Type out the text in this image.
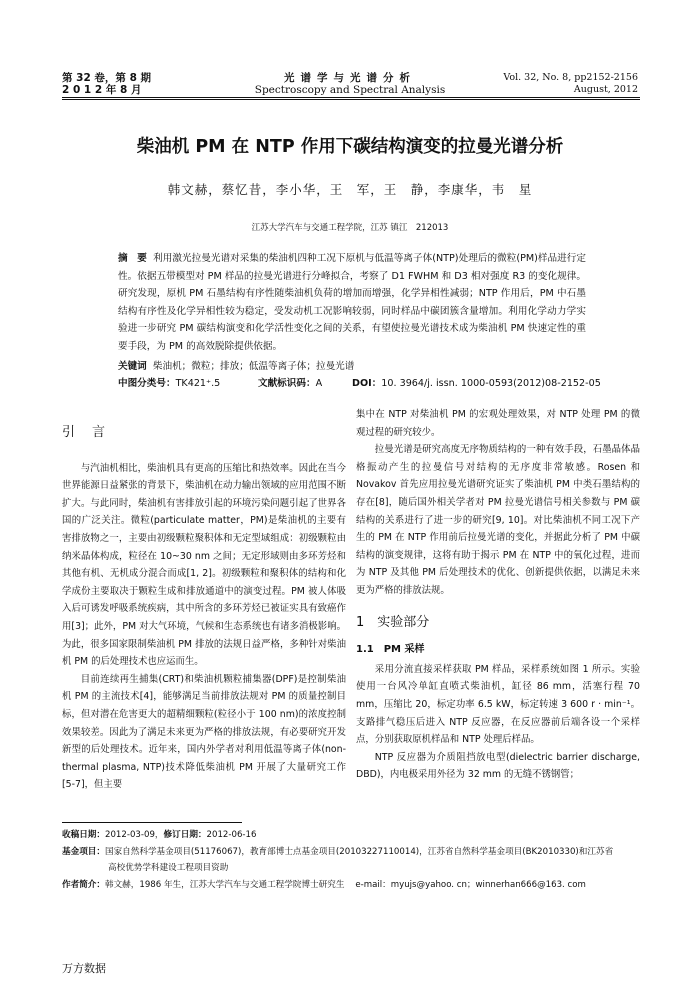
第 32 卷，第 8 期
2 0 1 2 年 8 月
光谱学与光谱分析
Spectroscopy and Spectral Analysis
Vol. 32, No. 8, pp2152-2156
August, 2012
柴油机 PM 在 NTP 作用下碳结构演变的拉曼光谱分析
韩文赫，蔡忆昔，李小华，王　军，王　静，李康华，韦　星
江苏大学汽车与交通工程学院，江苏 镇江　212013
摘　要 利用激光拉曼光谱对采集的柴油机四种工况下原机与低温等离子体(NTP)处理后的微粒(PM)样品进行定性。依据五带模型对 PM 样品的拉曼光谱进行分峰拟合，考察了 D1 FWHM 和 D3 相对强度 R3 的变化规律。研究发现，原机 PM 石墨结构有序性随柴油机负荷的增加而增强，化学异相性减弱；NTP 作用后，PM 中石墨结构有序性及化学异相性较为稳定，受发动机工况影响较弱，同时样品中碳团簇含量增加。利用化学动力学实验进一步研究 PM 碳结构演变和化学活性变化之间的关系，有望使拉曼光谱技术成为柴油机 PM 快速定性的重要手段，为 PM 的高效脱除提供依据。
关键词 柴油机；微粒；排放；低温等离子体；拉曼光谱
中图分类号：TK421⁺.5	文献标识码：A	DOI：10. 3964/j. issn. 1000-0593(2012)08-2152-05
引　言

与汽油机相比，柴油机具有更高的压缩比和热效率。因此在当今世界能源日益紧张的背景下，柴油机在动力输出领域的应用范围不断扩大。与此同时，柴油机有害排放引起的环境污染问题引起了世界各国的广泛关注。微粒(particulate matter，PM)是柴油机的主要有害排放物之一，主要由初级颗粒聚积体和无定型域组成：初级颗粒由纳米晶体构成，粒径在 10~30 nm 之间；无定形域则由多环芳烃和其他有机、无机成分混合而成[1, 2]。初级颗粒和聚积体的结构和化学成份主要取决于颗粒生成和排放通道中的演变过程。PM 被人体吸入后可诱发呼吸系统疾病，其中所含的多环芳烃已被证实具有致癌作用[3]；此外，PM 对大气环境，气候和生态系统也有诸多消极影响。为此，很多国家限制柴油机 PM 排放的法规日益严格，多种针对柴油机 PM 的后处理技术也应运而生。

目前连续再生捕集(CRT)和柴油机颗粒捕集器(DPF)是控制柴油机 PM 的主流技术[4]，能够满足当前排放法规对 PM 的质量控制目标，但对潜在危害更大的超精细颗粒(粒径小于 100 nm)的浓度控制效果较差。因此为了满足未来更为严格的排放法规，有必要研究开发新型的后处理技术。近年来，国内外学者对利用低温等离子体(non-thermal plasma, NTP)技术降低柴油机 PM 开展了大量研究工作[5-7]，但主要

集中在 NTP 对柴油机 PM 的宏观处理效果，对 NTP 处理 PM 的微观过程的研究较少。

拉曼光谱是研究高度无序物质结构的一种有效手段，石墨晶体晶格振动产生的拉曼信号对结构的无序度非常敏感。Rosen 和 Novakov 首先应用拉曼光谱研究证实了柴油机 PM 中类石墨结构的存在[8]，随后国外相关学者对 PM 拉曼光谱信号相关参数与 PM 碳结构的关系进行了进一步的研究[9, 10]。对比柴油机不同工况下产生的 PM 在 NTP 作用前后拉曼光谱的变化，并据此分析了 PM 中碳结构的演变规律，这将有助于揭示 PM 在 NTP 中的氧化过程，进而为 NTP 及其他 PM 后处理技术的优化、创新提供依据，以满足未来更为严格的排放法规。

1　实验部分
1.1　PM 采样

采用分流直接采样获取 PM 样品，采样系统如图 1 所示。实验使用一台风冷单缸直喷式柴油机，缸径 86 mm，活塞行程 70 mm，压缩比 20，标定功率 6.5 kW，标定转速 3 600 r · min⁻¹。支路排气稳压后进入 NTP 反应器，在反应器前后端各设一个采样点，分别获取原机样品和 NTP 处理后样品。

NTP 反应器为介质阻挡放电型(dielectric barrier discharge, DBD)，内电极采用外径为 32 mm 的无缝不锈钢管；

收稿日期：2012-03-09，修订日期：2012-06-16
基金项目：国家自然科学基金项目(51176067)，教育部博士点基金项目(20103227110014)，江苏省自然科学基金项目(BK2010330)和江苏省
高校优势学科建设工程项目资助
作者简介：韩文赫，1986 年生，江苏大学汽车与交通工程学院博士研究生 e-mail：myujs@yahoo. cn；winnerhan666@163. com
万方数据
